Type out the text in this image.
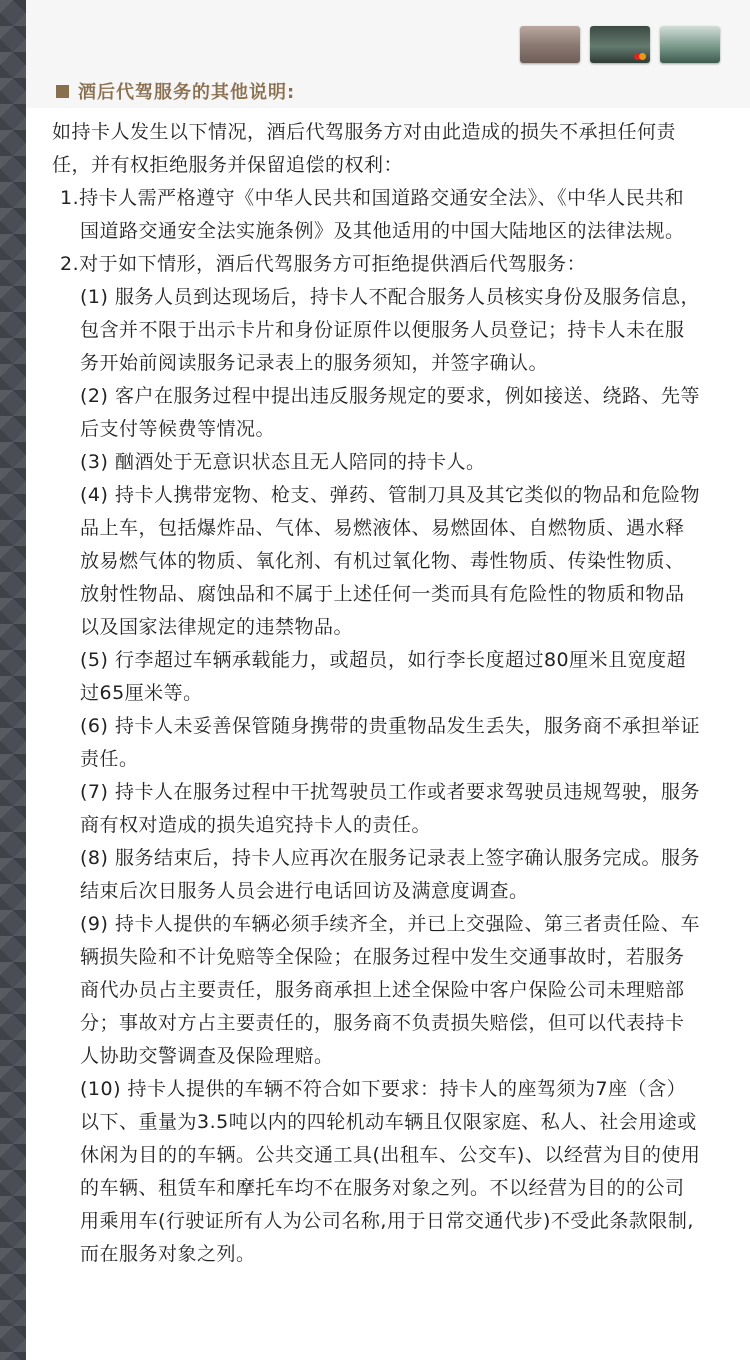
酒后代驾服务的其他说明:

如持卡人发生以下情况，酒后代驾服务方对由此造成的损失不承担任何责任，并有权拒绝服务并保留追偿的权利：

1.持卡人需严格遵守《中华人民共和国道路交通安全法》、《中华人民共和国道路交通安全法实施条例》及其他适用的中国大陆地区的法律法规。

2.对于如下情形，酒后代驾服务方可拒绝提供酒后代驾服务：

(1) 服务人员到达现场后，持卡人不配合服务人员核实身份及服务信息，包含并不限于出示卡片和身份证原件以便服务人员登记；持卡人未在服务开始前阅读服务记录表上的服务须知，并签字确认。

(2) 客户在服务过程中提出违反服务规定的要求，例如接送、绕路、先等后支付等候费等情况。

(3) 酗酒处于无意识状态且无人陪同的持卡人。

(4) 持卡人携带宠物、枪支、弹药、管制刀具及其它类似的物品和危险物品上车，包括爆炸品、气体、易燃液体、易燃固体、自燃物质、遇水释放易燃气体的物质、氧化剂、有机过氧化物、毒性物质、传染性物质、放射性物品、腐蚀品和不属于上述任何一类而具有危险性的物质和物品以及国家法律规定的违禁物品。

(5) 行李超过车辆承载能力，或超员，如行李长度超过80厘米且宽度超过65厘米等。

(6) 持卡人未妥善保管随身携带的贵重物品发生丢失，服务商不承担举证责任。

(7) 持卡人在服务过程中干扰驾驶员工作或者要求驾驶员违规驾驶，服务商有权对造成的损失追究持卡人的责任。

(8) 服务结束后，持卡人应再次在服务记录表上签字确认服务完成。服务结束后次日服务人员会进行电话回访及满意度调查。

(9) 持卡人提供的车辆必须手续齐全，并已上交强险、第三者责任险、车辆损失险和不计免赔等全保险；在服务过程中发生交通事故时，若服务商代办员占主要责任，服务商承担上述全保险中客户保险公司未理赔部分；事故对方占主要责任的，服务商不负责损失赔偿，但可以代表持卡人协助交警调查及保险理赔。

(10) 持卡人提供的车辆不符合如下要求：持卡人的座驾须为7座（含）以下、重量为3.5吨以内的四轮机动车辆且仅限家庭、私人、社会用途或休闲为目的的车辆。公共交通工具(出租车、公交车)、以经营为目的使用的车辆、租赁车和摩托车均不在服务对象之列。不以经营为目的的公司用乘用车(行驶证所有人为公司名称,用于日常交通代步)不受此条款限制,而在服务对象之列。
